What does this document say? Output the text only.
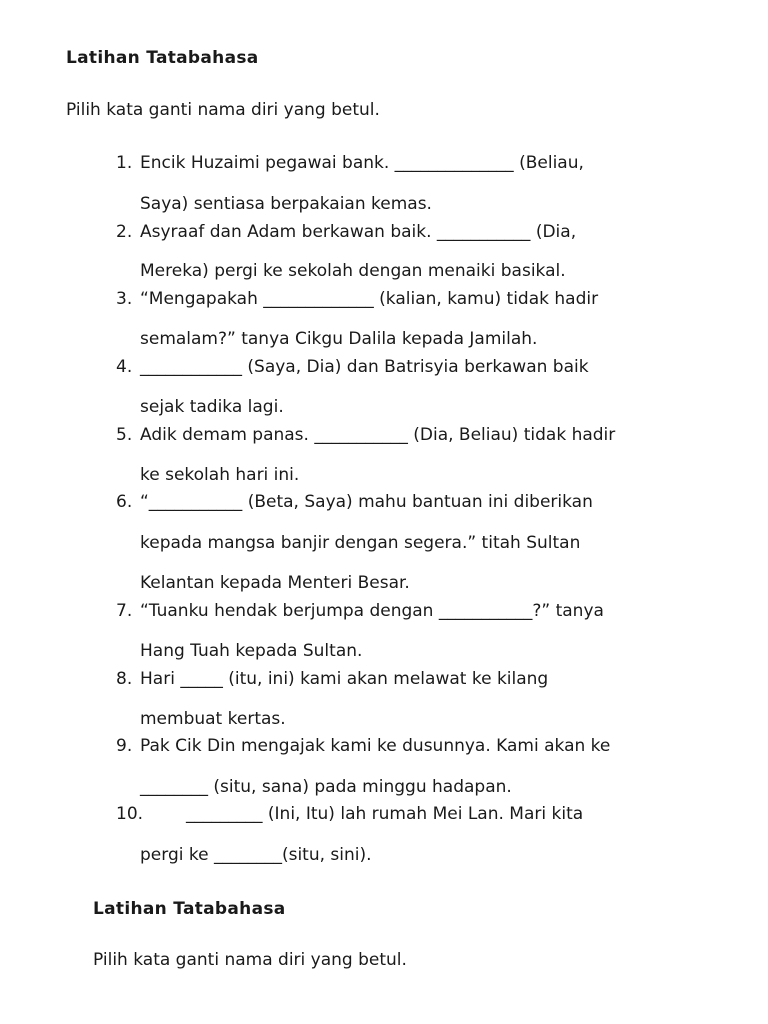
Latihan Tatabahasa
Pilih kata ganti nama diri yang betul.
1. Encik Huzaimi pegawai bank. ______________ (Beliau,
Saya) sentiasa berpakaian kemas.
2. Asyraaf dan Adam berkawan baik. ___________ (Dia,
Mereka) pergi ke sekolah dengan menaiki basikal.
3. “Mengapakah _____________ (kalian, kamu) tidak hadir
semalam?” tanya Cikgu Dalila kepada Jamilah.
4. ____________ (Saya, Dia) dan Batrisyia berkawan baik
sejak tadika lagi.
5. Adik demam panas. ___________ (Dia, Beliau) tidak hadir
ke sekolah hari ini.
6. “___________ (Beta, Saya) mahu bantuan ini diberikan
kepada mangsa banjir dengan segera.” titah Sultan
Kelantan kepada Menteri Besar.
7. “Tuanku hendak berjumpa dengan ___________?” tanya
Hang Tuah kepada Sultan.
8. Hari _____ (itu, ini) kami akan melawat ke kilang
membuat kertas.
9. Pak Cik Din mengajak kami ke dusunnya. Kami akan ke
________ (situ, sana) pada minggu hadapan.
10.	_________ (Ini, Itu) lah rumah Mei Lan. Mari kita
pergi ke ________(situ, sini).
Latihan Tatabahasa
Pilih kata ganti nama diri yang betul.
